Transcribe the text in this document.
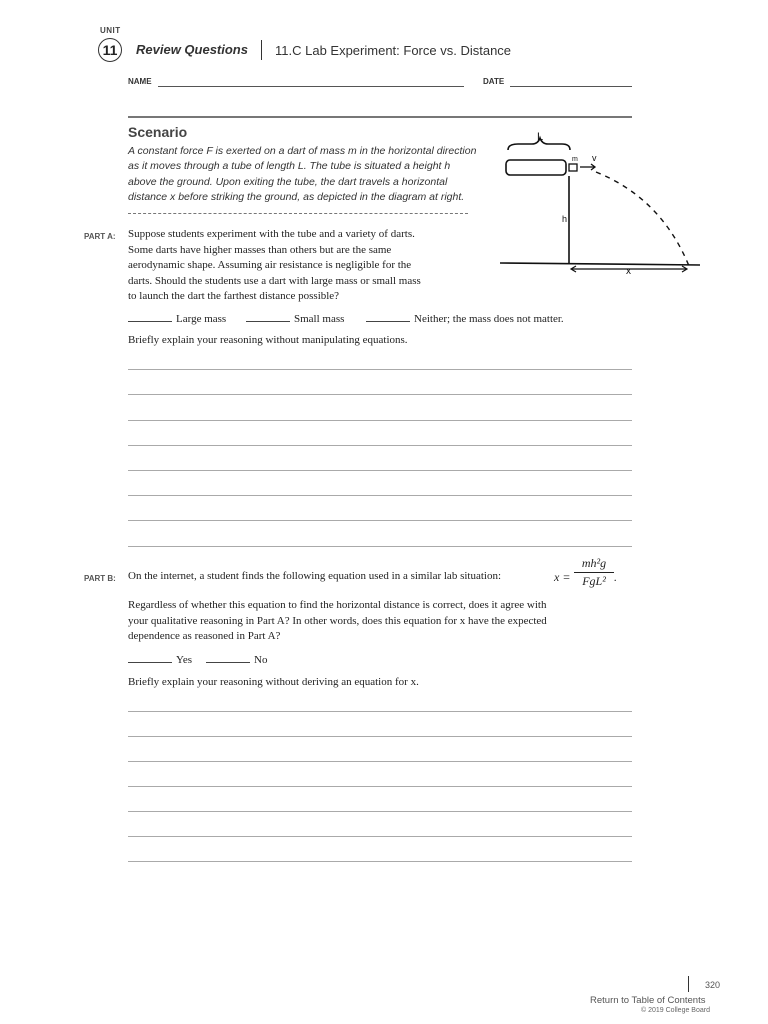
UNIT
11	Review Questions 11.C Lab Experiment: Force vs. Distance
NAME	DATE
Scenario
A constant force F is exerted on a dart of mass m in the horizontal direction
as it moves through a tube of length L. The tube is situated a height h
above the ground. Upon exiting the tube, the dart travels a horizontal
distance x before striking the ground, as depicted in the diagram at right.
L
m v
h
x
PART A: Suppose students experiment with the tube and a variety of darts.
Some darts have higher masses than others but are the same
aerodynamic shape. Assuming air resistance is negligible for the
darts. Should the students use a dart with large mass or small mass
to launch the dart the farthest distance possible?
Large mass	Small mass	Neither; the mass does not matter.
Briefly explain your reasoning without manipulating equations.
PART B: On the internet, a student finds the following equation used in a similar lab situation:	x =
mh²g
FgL² .
Regardless of whether this equation to find the horizontal distance is correct, does it agree with
your qualitative reasoning in Part A? In other words, does this equation for x have the expected
dependence as reasoned in Part A?
Yes	No
Briefly explain your reasoning without deriving an equation for x.
320
Return to Table of Contents
© 2019 College Board
